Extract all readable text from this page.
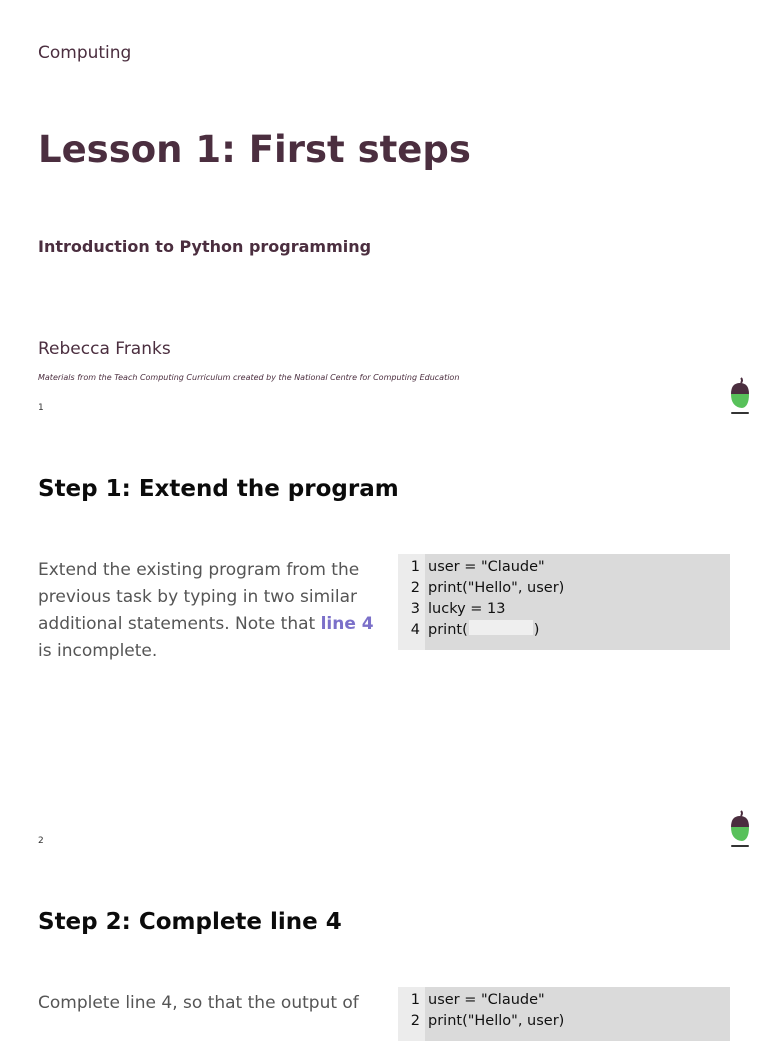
Computing
Lesson 1: First steps
Introduction to Python programming
Rebecca Franks
Materials from the Teach Computing Curriculum created by the National Centre for Computing Education
1
Step 1: Extend the program
Extend the existing program from the previous task by typing in two similar additional statements. Note that line 4 is incomplete.
1 user = "Claude"
2 print("Hello", user)
3 lucky = 13
4 print(	)
2
Step 2: Complete line 4
Complete line 4, so that the output of	1 user = "Claude"
2 print("Hello", user)
